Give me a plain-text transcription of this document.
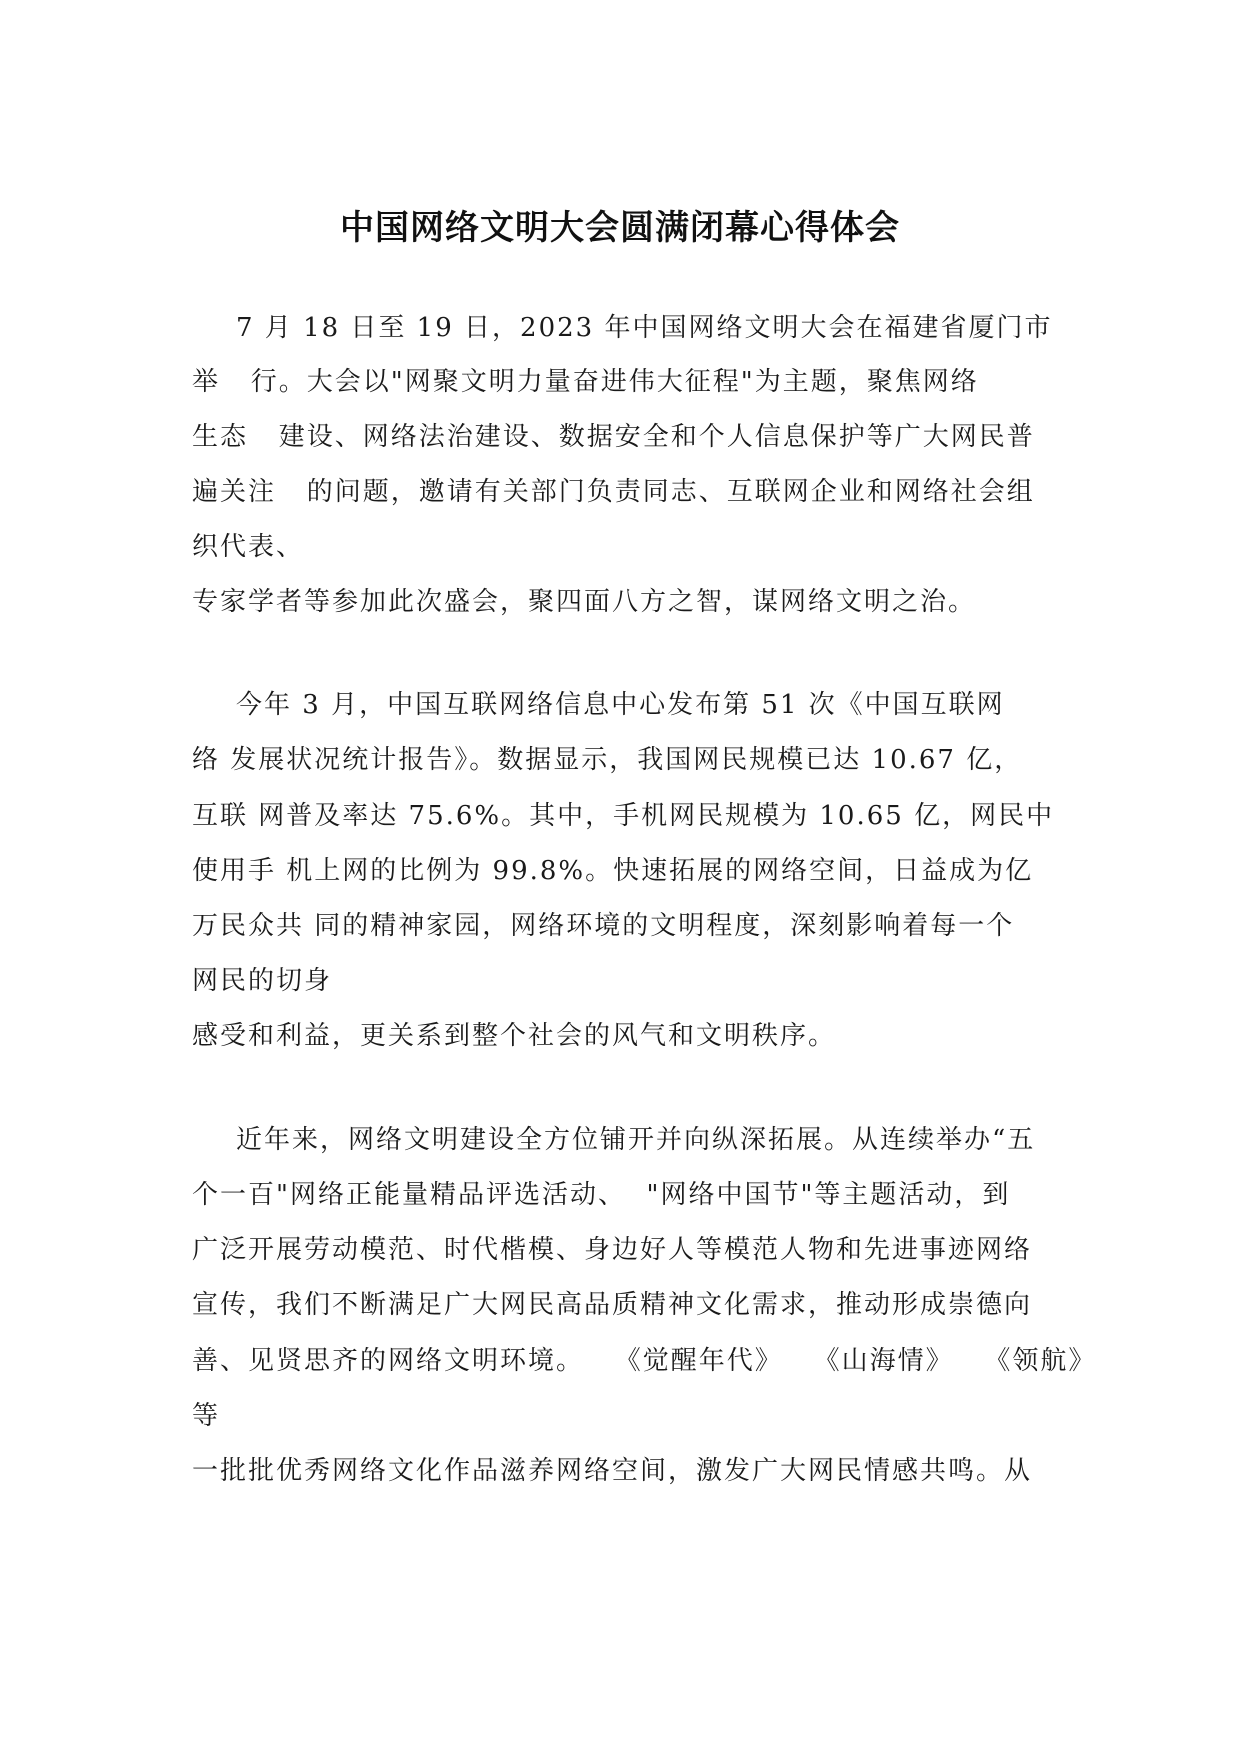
中国网络文明大会圆满闭幕心得体会
7 月 18 日至 19 日，2023 年中国网络文明大会在福建省厦门市
举   行。大会以"网聚文明力量奋进伟大征程"为主题，聚焦网络
生态   建设、网络法治建设、数据安全和个人信息保护等广大网民普
遍关注   的问题，邀请有关部门负责同志、互联网企业和网络社会组
织代表、
专家学者等参加此次盛会，聚四面八方之智，谋网络文明之治。
今年 3 月，中国互联网络信息中心发布第 51 次《中国互联网
络 发展状况统计报告》。数据显示，我国网民规模已达 10.67 亿，
互联 网普及率达 75.6%。其中，手机网民规模为 10.65 亿，网民中
使用手 机上网的比例为 99.8%。快速拓展的网络空间，日益成为亿
万民众共 同的精神家园，网络环境的文明程度，深刻影响着每一个
网民的切身
感受和利益，更关系到整个社会的风气和文明秩序。
近年来，网络文明建设全方位铺开并向纵深拓展。从连续举办“五
个一百"网络正能量精品评选活动、  "网络中国节"等主题活动，到
广泛开展劳动模范、时代楷模、身边好人等模范人物和先进事迹网络
宣传，我们不断满足广大网民高品质精神文化需求，推动形成崇德向
善、见贤思齐的网络文明环境。   《觉醒年代》   《山海情》   《领航》
等
一批批优秀网络文化作品滋养网络空间，激发广大网民情感共鸣。从
